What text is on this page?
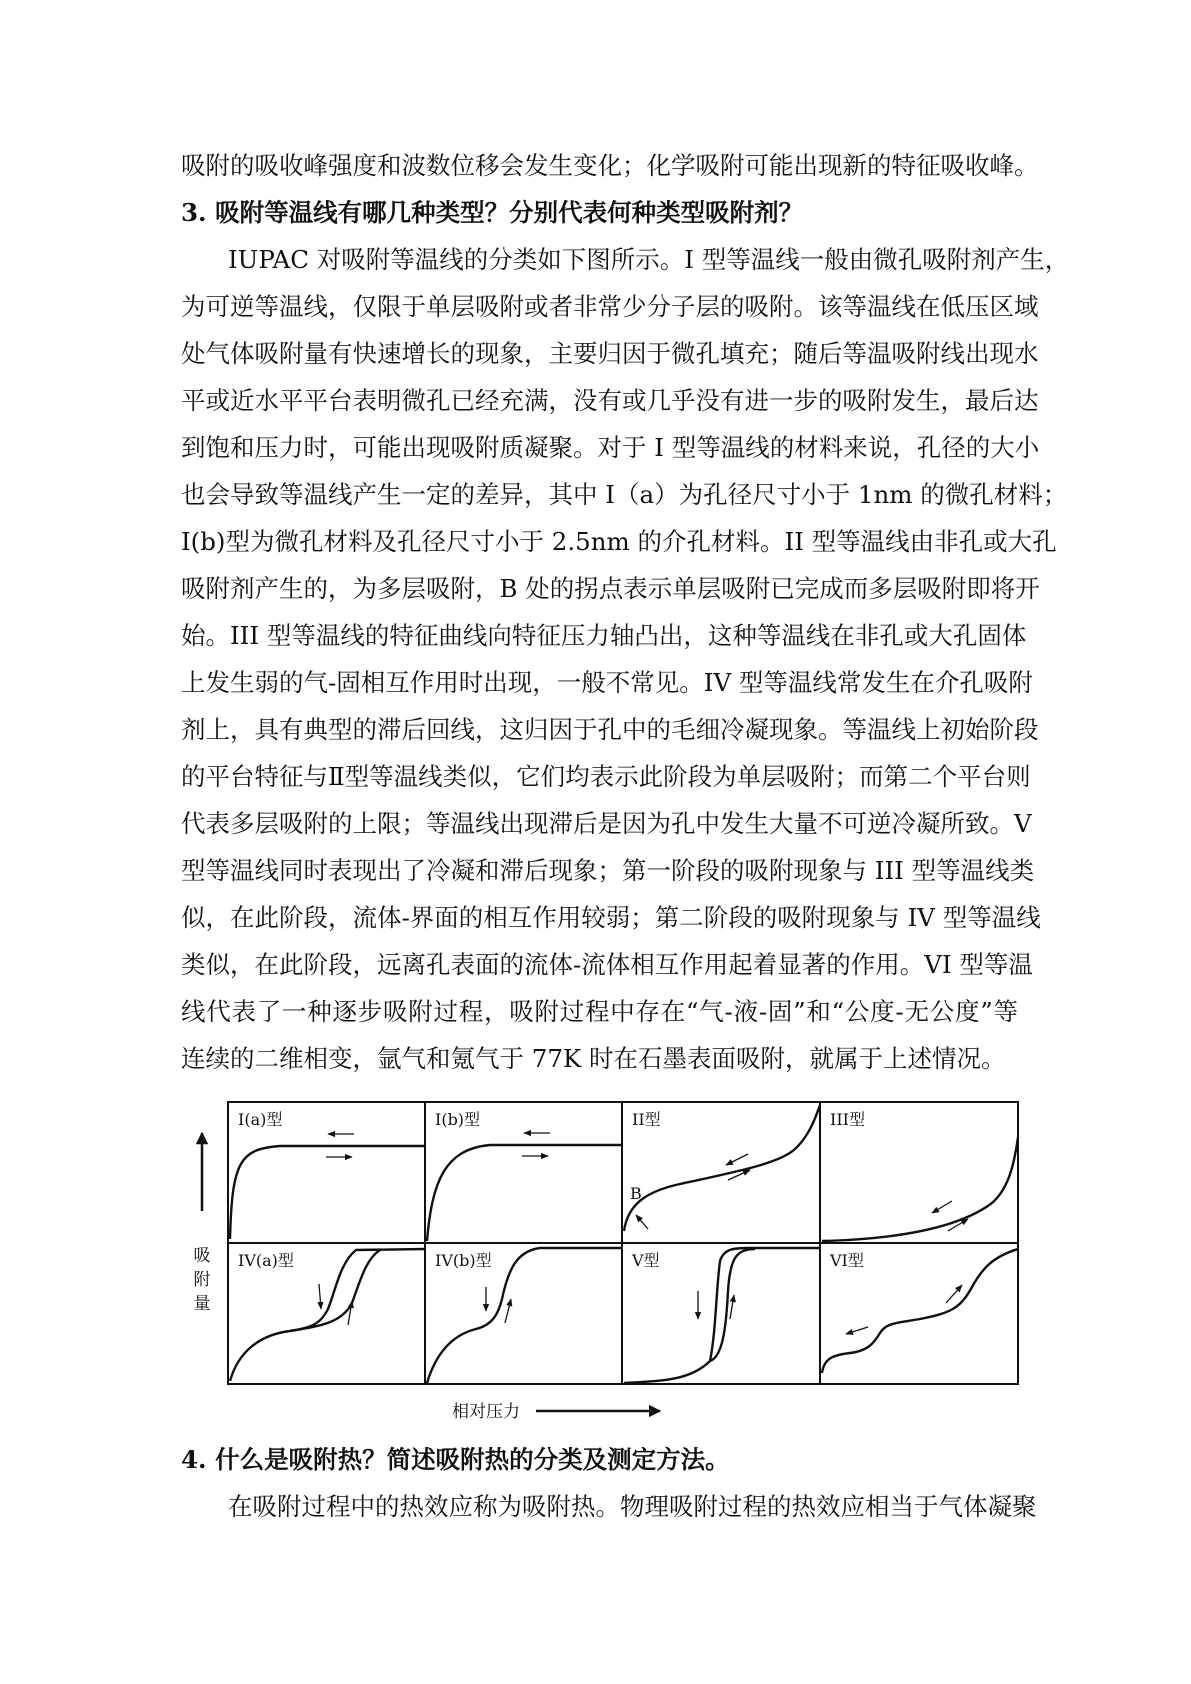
吸附的吸收峰强度和波数位移会发生变化；化学吸附可能出现新的特征吸收峰。
3. 吸附等温线有哪几种类型？分别代表何种类型吸附剂？
IUPAC 对吸附等温线的分类如下图所示。I 型等温线一般由微孔吸附剂产生，
为可逆等温线，仅限于单层吸附或者非常少分子层的吸附。该等温线在低压区域
处气体吸附量有快速增长的现象，主要归因于微孔填充；随后等温吸附线出现水
平或近水平平台表明微孔已经充满，没有或几乎没有进一步的吸附发生，最后达
到饱和压力时，可能出现吸附质凝聚。对于 I 型等温线的材料来说，孔径的大小
也会导致等温线产生一定的差异，其中 I（a）为孔径尺寸小于 1nm 的微孔材料；
I(b)型为微孔材料及孔径尺寸小于 2.5nm 的介孔材料。II 型等温线由非孔或大孔
吸附剂产生的，为多层吸附，B 处的拐点表示单层吸附已完成而多层吸附即将开
始。III 型等温线的特征曲线向特征压力轴凸出，这种等温线在非孔或大孔固体
上发生弱的气-固相互作用时出现，一般不常见。IV 型等温线常发生在介孔吸附
剂上，具有典型的滞后回线，这归因于孔中的毛细冷凝现象。等温线上初始阶段
的平台特征与Ⅱ型等温线类似，它们均表示此阶段为单层吸附；而第二个平台则
代表多层吸附的上限；等温线出现滞后是因为孔中发生大量不可逆冷凝所致。V
型等温线同时表现出了冷凝和滞后现象；第一阶段的吸附现象与 III 型等温线类
似，在此阶段，流体-界面的相互作用较弱；第二阶段的吸附现象与 IV 型等温线
类似，在此阶段，远离孔表面的流体-流体相互作用起着显著的作用。VI 型等温
线代表了一种逐步吸附过程，吸附过程中存在“气-液-固”和“公度-无公度”等
连续的二维相变，氩气和氪气于 77K 时在石墨表面吸附，就属于上述情况。
吸
附
量
相对压力
I(a)型	I(b)型	II型	III型
IV(a)型	IV(b)型	V型	VI型
B
4. 什么是吸附热？简述吸附热的分类及测定方法。
在吸附过程中的热效应称为吸附热。物理吸附过程的热效应相当于气体凝聚
